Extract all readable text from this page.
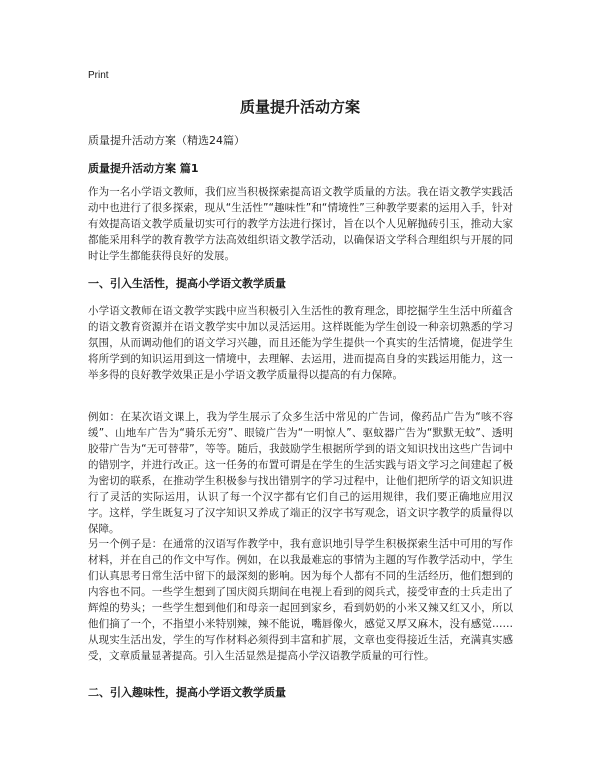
Print
质量提升活动方案
质量提升活动方案（精选24篇）
质量提升活动方案 篇1

作为一名小学语文教师，我们应当积极探索提高语文教学质量的方法。我在语文教学实践活动中也进行了很多探索，现从“生活性”“趣味性”和“情境性”三种教学要素的运用入手，针对有效提高语文教学质量切实可行的教学方法进行探讨，旨在以个人见解抛砖引玉，推动大家都能采用科学的教育教学方法高效组织语文教学活动，以确保语文学科合理组织与开展的同时让学生都能获得良好的发展。

一、引入生活性，提高小学语文教学质量

小学语文教师在语文教学实践中应当积极引入生活性的教育理念，即挖掘学生生活中所蕴含的语文教育资源并在语文教学实中加以灵活运用。这样既能为学生创设一种亲切熟悉的学习氛围，从而调动他们的语文学习兴趣，而且还能为学生提供一个真实的生活情境，促进学生将所学到的知识运用到这一情境中，去理解、去运用，进而提高自身的实践运用能力，这一举多得的良好教学效果正是小学语文教学质量得以提高的有力保障。

例如：在某次语文课上，我为学生展示了众多生活中常见的广告词，像药品广告为“咳不容缓”、山地车广告为“骑乐无穷”、眼镜广告为“一明惊人”、驱蚊器广告为“默默无蚊”、透明胶带广告为“无可替带”，等等。随后，我鼓励学生根据所学到的语文知识找出这些广告词中的错别字，并进行改正。这一任务的布置可谓是在学生的生活实践与语文学习之间建起了极为密切的联系，在推动学生积极参与找出错别字的学习过程中，让他们把所学的语文知识进行了灵活的实际运用，认识了每一个汉字都有它们自己的运用规律，我们要正确地应用汉字。这样，学生既复习了汉字知识又养成了端正的汉字书写观念，语文识字教学的质量得以保障。

另一个例子是：在通常的汉语写作教学中，我有意识地引导学生积极探索生活中可用的写作材料，并在自己的作文中写作。例如，在以我最难忘的事情为主题的写作教学活动中，学生们认真思考日常生活中留下的最深刻的影响。因为每个人都有不同的生活经历，他们想到的内容也不同。一些学生想到了国庆阅兵期间在电视上看到的阅兵式，接受审查的士兵走出了辉煌的势头；一些学生想到他们和母亲一起回到家乡，看到奶奶的小米又辣又红又小，所以他们摘了一个，不指望小米特别辣，辣不能说，嘴唇像火，感觉又厚又麻木，没有感觉……从现实生活出发，学生的写作材料必须得到丰富和扩展，文章也变得接近生活，充满真实感受，文章质量显著提高。引入生活显然是提高小学汉语教学质量的可行性。

二、引入趣味性，提高小学语文教学质量
